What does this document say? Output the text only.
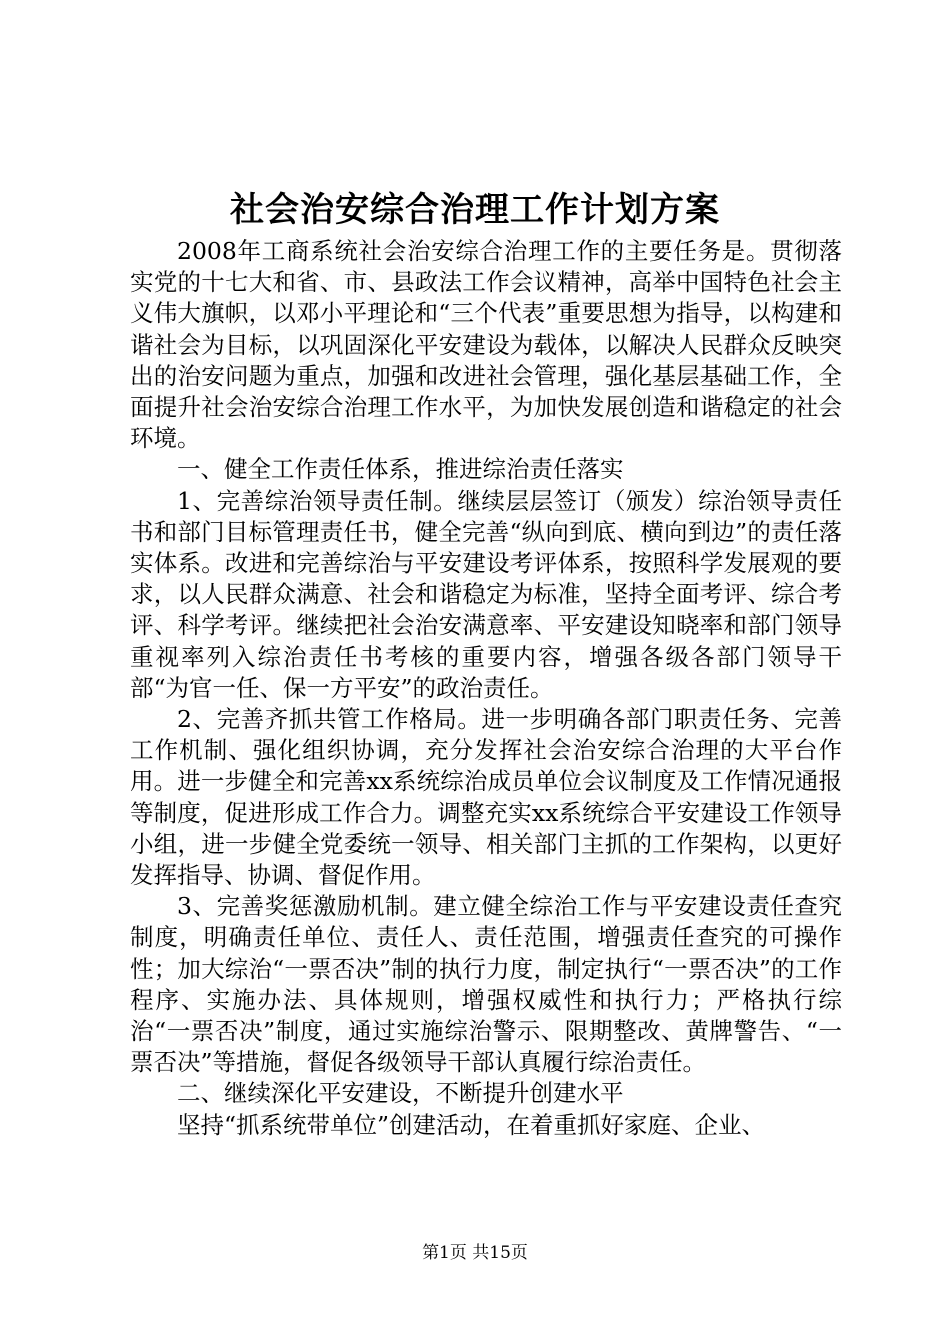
社会治安综合治理工作计划方案

2008年工商系统社会治安综合治理工作的主要任务是。贯彻落实党的十七大和省、市、县政法工作会议精神，高举中国特色社会主义伟大旗帜，以邓小平理论和“三个代表”重要思想为指导，以构建和谐社会为目标，以巩固深化平安建设为载体，以解决人民群众反映突出的治安问题为重点，加强和改进社会管理，强化基层基础工作，全面提升社会治安综合治理工作水平，为加快发展创造和谐稳定的社会环境。

一、健全工作责任体系，推进综治责任落实

1、完善综治领导责任制。继续层层签订（颁发）综治领导责任书和部门目标管理责任书，健全完善“纵向到底、横向到边”的责任落实体系。改进和完善综治与平安建设考评体系，按照科学发展观的要求，以人民群众满意、社会和谐稳定为标准，坚持全面考评、综合考评、科学考评。继续把社会治安满意率、平安建设知晓率和部门领导重视率列入综治责任书考核的重要内容，增强各级各部门领导干部“为官一任、保一方平安”的政治责任。

2、完善齐抓共管工作格局。进一步明确各部门职责任务、完善工作机制、强化组织协调，充分发挥社会治安综合治理的大平台作用。进一步健全和完善xx系统综治成员单位会议制度及工作情况通报等制度，促进形成工作合力。调整充实xx系统综合平安建设工作领导小组，进一步健全党委统一领导、相关部门主抓的工作架构，以更好发挥指导、协调、督促作用。

3、完善奖惩激励机制。建立健全综治工作与平安建设责任查究制度，明确责任单位、责任人、责任范围，增强责任查究的可操作性；加大综治“一票否决”制的执行力度，制定执行“一票否决”的工作程序、实施办法、具体规则，增强权威性和执行力；严格执行综治“一票否决”制度，通过实施综治警示、限期整改、黄牌警告、“一票否决”等措施，督促各级领导干部认真履行综治责任。

二、继续深化平安建设，不断提升创建水平

坚持“抓系统带单位”创建活动，在着重抓好家庭、企业、

第1页 共15页
